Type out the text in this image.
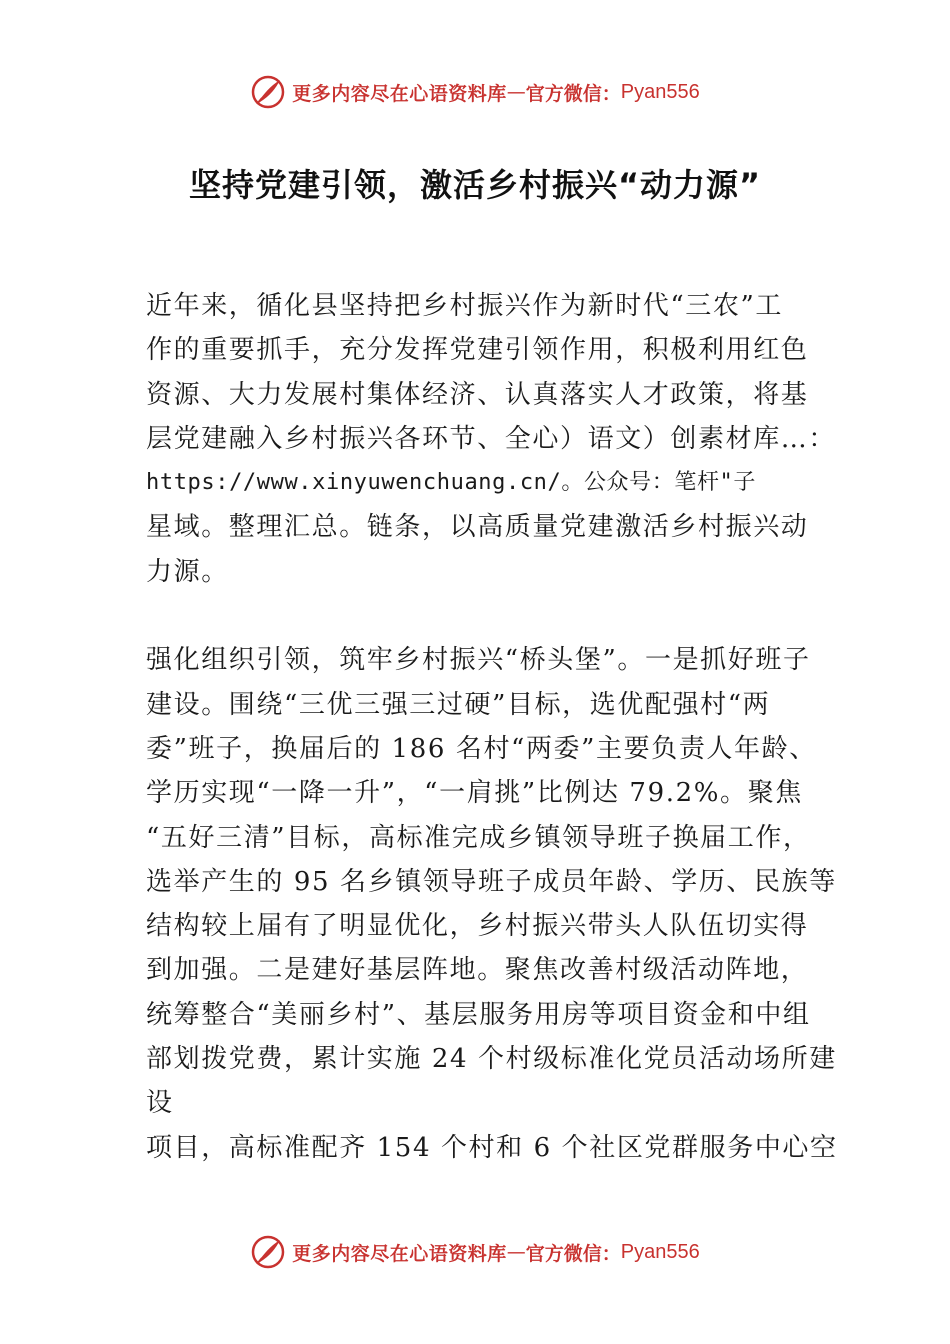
更多内容尽在心语资料库 — 官方微信： Pyan556
坚持党建引领，激活乡村振兴“动力源”
近年来，循化县坚持把乡村振兴作为新时代“三农”工
作的重要抓手，充分发挥党建引领作用，积极利用红色
资源、大力发展村集体经济、认真落实人才政策，将基
层党建融入乡村振兴各环节、全心）语文）创素材库…：
https://www.xinyuwenchuang.cn/。公众号：笔杆"子
星域。整理汇总。链条，以高质量党建激活乡村振兴动
力源。
强化组织引领，筑牢乡村振兴“桥头堡”。一是抓好班子
建设。围绕“三优三强三过硬”目标，选优配强村“两
委”班子，换届后的 186 名村“两委”主要负责人年龄、
学历实现“一降一升”，“一肩挑”比例达 79.2%。聚焦
“五好三清”目标，高标准完成乡镇领导班子换届工作，
选举产生的 95 名乡镇领导班子成员年龄、学历、民族等
结构较上届有了明显优化，乡村振兴带头人队伍切实得
到加强。二是建好基层阵地。聚焦改善村级活动阵地，
统筹整合“美丽乡村”、基层服务用房等项目资金和中组
部划拨党费，累计实施 24 个村级标准化党员活动场所建
设
项目，高标准配齐 154 个村和 6 个社区党群服务中心空
更多内容尽在心语资料库 — 官方微信： Pyan556
